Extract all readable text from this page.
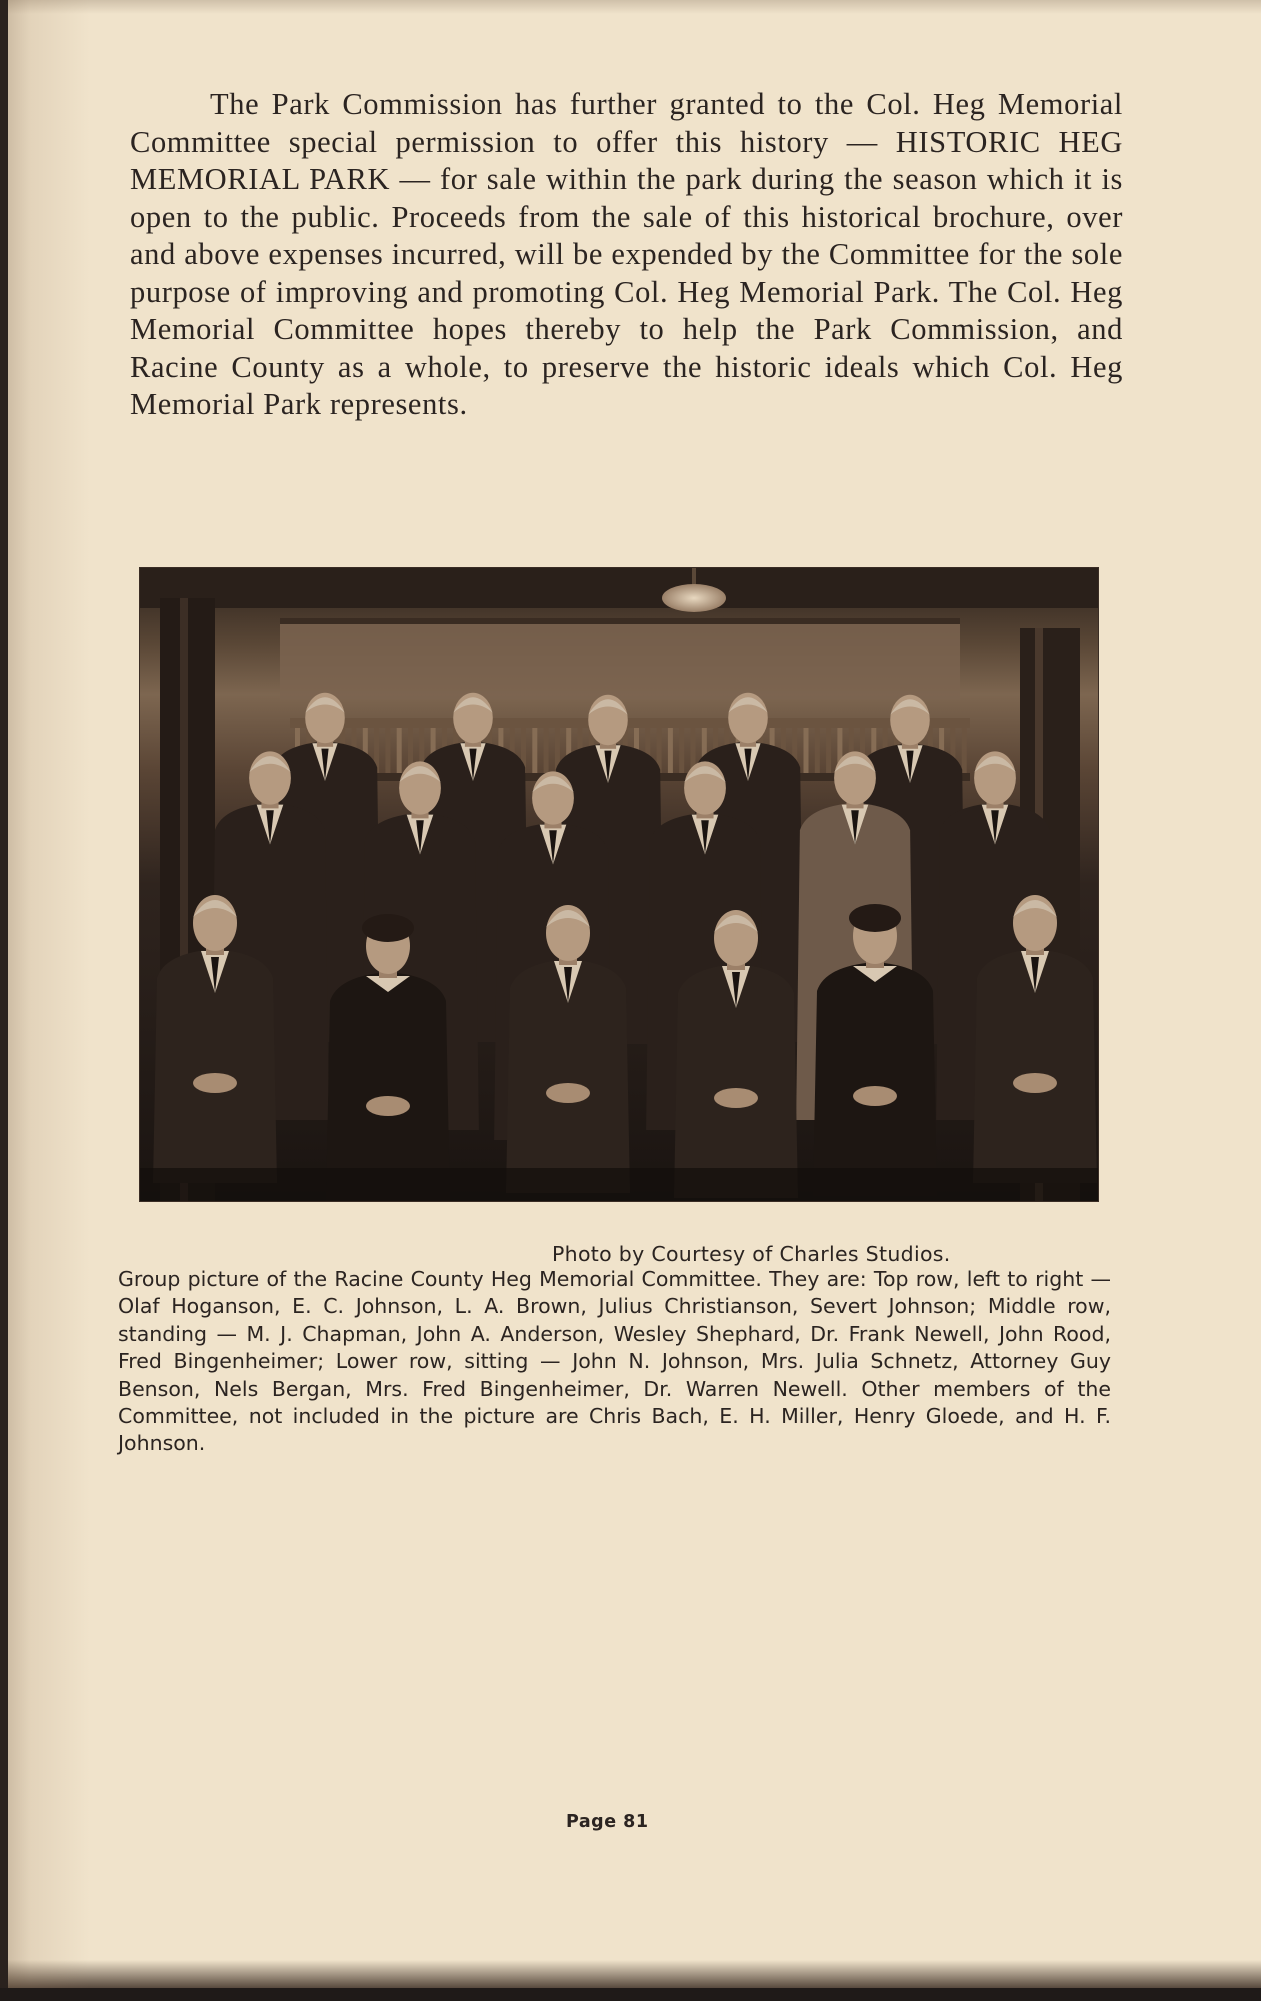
The Park Commission has further granted to the Col. Heg Memorial Committee special permission to offer this history — HISTORIC HEG MEMORIAL PARK — for sale within the park during the season which it is open to the public. Proceeds from the sale of this historical brochure, over and above expenses incurred, will be expended by the Committee for the sole purpose of improving and promoting Col. Heg Memorial Park. The Col. Heg Memorial Committee hopes thereby to help the Park Commission, and Racine County as a whole, to preserve the historic ideals which Col. Heg Memorial Park represents.

Photo by Courtesy of Charles Studios.

Group picture of the Racine County Heg Memorial Committee. They are: Top row, left to right — Olaf Hoganson, E. C. Johnson, L. A. Brown, Julius Christianson, Severt Johnson; Middle row, standing — M. J. Chapman, John A. Anderson, Wesley Shephard, Dr. Frank Newell, John Rood, Fred Bingenheimer; Lower row, sitting — John N. Johnson, Mrs. Julia Schnetz, Attorney Guy Benson, Nels Bergan, Mrs. Fred Bingenheimer, Dr. Warren Newell. Other members of the Committee, not included in the picture are Chris Bach, E. H. Miller, Henry Gloede, and H. F. Johnson.

Page 81
